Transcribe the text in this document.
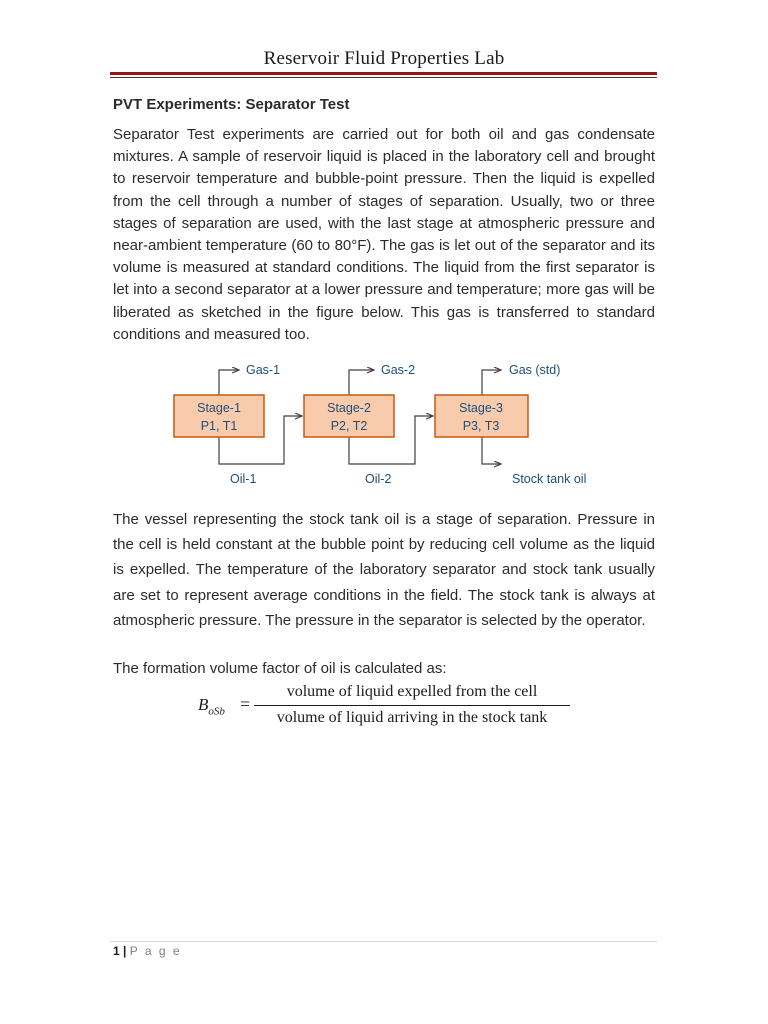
Reservoir Fluid Properties Lab
PVT Experiments: Separator Test
Separator Test experiments are carried out for both oil and gas condensate mixtures. A sample of reservoir liquid is placed in the laboratory cell and brought to reservoir temperature and bubble-point pressure. Then the liquid is expelled from the cell through a number of stages of separation. Usually, two or three stages of separation are used, with the last stage at atmospheric pressure and near-ambient temperature (60 to 80°F). The gas is let out of the separator and its volume is measured at standard conditions. The liquid from the first separator is let into a second separator at a lower pressure and temperature; more gas will be liberated as sketched in the figure below. This gas is transferred to standard conditions and measured too.
Stage-1
P1, T1
Stage-2
P2, T2
Stage-3
P3, T3
Gas-1	Gas-2	Gas (std)
Oil-1	Oil-2	Stock tank oil
The vessel representing the stock tank oil is a stage of separation. Pressure in the cell is held constant at the bubble point by reducing cell volume as the liquid is expelled. The temperature of the laboratory separator and stock tank usually are set to represent average conditions in the field. The stock tank is always at atmospheric pressure. The pressure in the separator is selected by the operator.
The formation volume factor of oil is calculated as:
$B_{oSb}$ =
volume of liquid expelled from the cell
volume of liquid arriving in the stock tank
1 | P a g e
